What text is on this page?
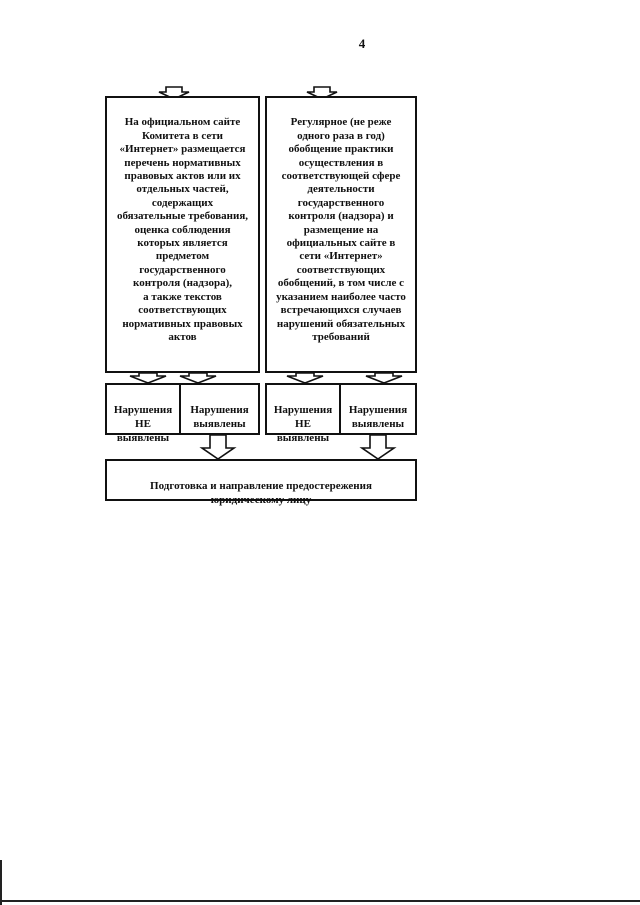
4

На официальном сайте
Комитета в сети
«Интернет» размещается
перечень нормативных
правовых актов или их
отдельных частей,
содержащих
обязательные требования,
оценка соблюдения
которых является
предметом
государственного
контроля (надзора),
а также текстов
соответствующих
нормативных правовых
актов

Регулярное (не реже
одного раза в год)
обобщение практики
осуществления в
соответствующей сфере
деятельности
государственного
контроля (надзора) и
размещение на
официальных сайте в
сети «Интернет»
соответствующих
обобщений, в том числе с
указанием наиболее часто
встречающихся случаев
нарушений обязательных
требований

Нарушения
НЕ
выявлены

Нарушения
выявлены

Нарушения
НЕ
выявлены

Нарушения
выявлены

Подготовка и направление предостережения
юридическому лицу
